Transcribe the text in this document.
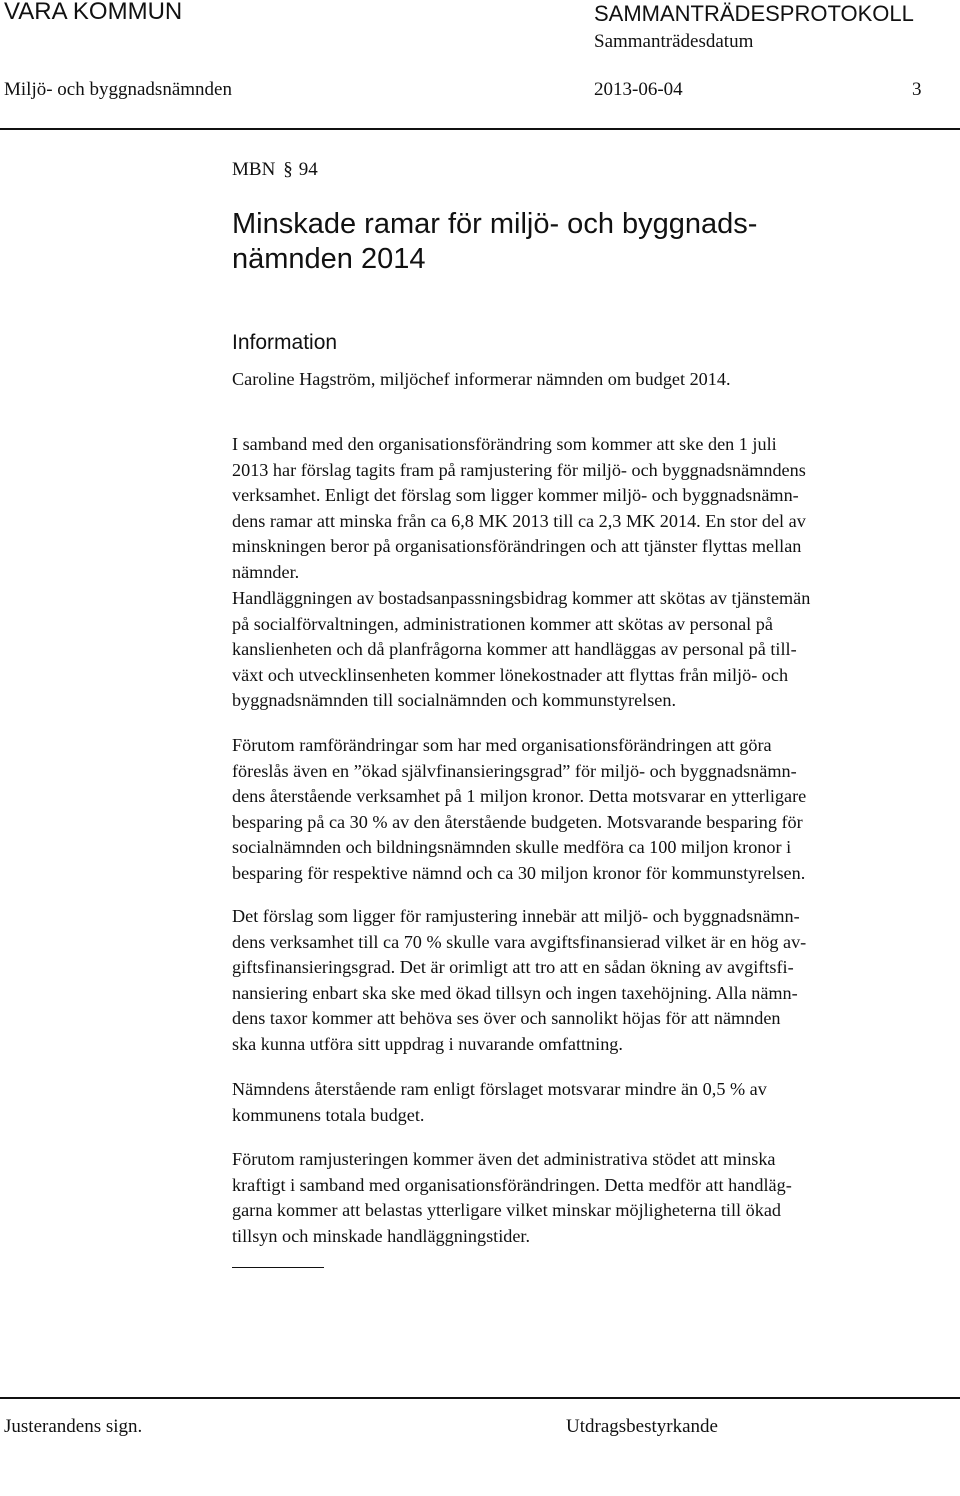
VARA KOMMUN	SAMMANTRÄDESPROTOKOLL
Sammanträdesdatum
Miljö- och byggnadsnämnden	2013-06-04	3
MBN § 94
Minskade ramar för miljö- och byggnads-
nämnden 2014
Information
Caroline Hagström, miljöchef informerar nämnden om budget 2014.
I samband med den organisationsförändring som kommer att ske den 1 juli
2013 har förslag tagits fram på ramjustering för miljö- och byggnadsnämndens
verksamhet. Enligt det förslag som ligger kommer miljö- och byggnadsnämn-
dens ramar att minska från ca 6,8 MK 2013 till ca 2,3 MK 2014. En stor del av
minskningen beror på organisationsförändringen och att tjänster flyttas mellan
nämnder.
Handläggningen av bostadsanpassningsbidrag kommer att skötas av tjänstemän
på socialförvaltningen, administrationen kommer att skötas av personal på
kanslienheten och då planfrågorna kommer att handläggas av personal på till-
växt och utvecklinsenheten kommer lönekostnader att flyttas från miljö- och
byggnadsnämnden till socialnämnden och kommunstyrelsen.
Förutom ramförändringar som har med organisationsförändringen att göra
föreslås även en ”ökad självfinansieringsgrad” för miljö- och byggnadsnämn-
dens återstående verksamhet på 1 miljon kronor. Detta motsvarar en ytterligare
besparing på ca 30 % av den återstående budgeten. Motsvarande besparing för
socialnämnden och bildningsnämnden skulle medföra ca 100 miljon kronor i
besparing för respektive nämnd och ca 30 miljon kronor för kommunstyrelsen.
Det förslag som ligger för ramjustering innebär att miljö- och byggnadsnämn-
dens verksamhet till ca 70 % skulle vara avgiftsfinansierad vilket är en hög av-
giftsfinansieringsgrad. Det är orimligt att tro att en sådan ökning av avgiftsfi-
nansiering enbart ska ske med ökad tillsyn och ingen taxehöjning. Alla nämn-
dens taxor kommer att behöva ses över och sannolikt höjas för att nämnden
ska kunna utföra sitt uppdrag i nuvarande omfattning.
Nämndens återstående ram enligt förslaget motsvarar mindre än 0,5 % av
kommunens totala budget.
Förutom ramjusteringen kommer även det administrativa stödet att minska
kraftigt i samband med organisationsförändringen. Detta medför att handläg-
garna kommer att belastas ytterligare vilket minskar möjligheterna till ökad
tillsyn och minskade handläggningstider.
Justerandens sign.	Utdragsbestyrkande
